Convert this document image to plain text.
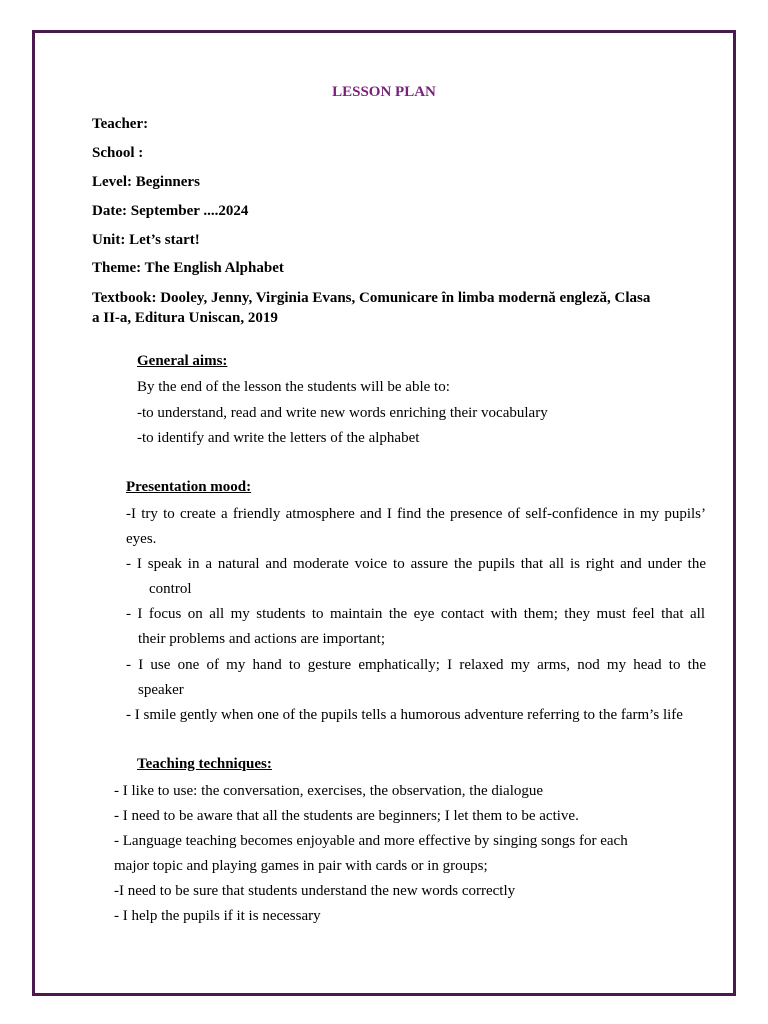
LESSON PLAN
Teacher:
School :
Level: Beginners
Date: September ....2024
Unit: Let’s start!
Theme: The English Alphabet
Textbook: Dooley, Jenny, Virginia Evans, Comunicare în limba modernă engleză, Clasa
a II-a, Editura Uniscan, 2019
General aims:
By the end of the lesson the students will be able to:
-to understand, read and write new words enriching their vocabulary
-to identify and write the letters of the alphabet
Presentation mood:
-I try to create a friendly atmosphere and I find the presence of self-confidence in my pupils’
eyes.
- I speak in a natural and moderate voice to assure the pupils that all is right and under the
control
- I focus on all my students to maintain the eye contact with them; they must feel that all
their problems and actions are important;
- I use one of my hand to gesture emphatically; I relaxed my arms, nod my head to the
speaker
- I smile gently when one of the pupils tells a humorous adventure referring to the farm’s life
Teaching techniques:
- I like to use: the conversation, exercises, the observation, the dialogue
- I need to be aware that all the students are beginners; I let them to be active.
- Language teaching becomes enjoyable and more effective by singing songs for each
major topic and playing games in pair with cards or in groups;
-I need to be sure that students understand the new words correctly
- I help the pupils if it is necessary
